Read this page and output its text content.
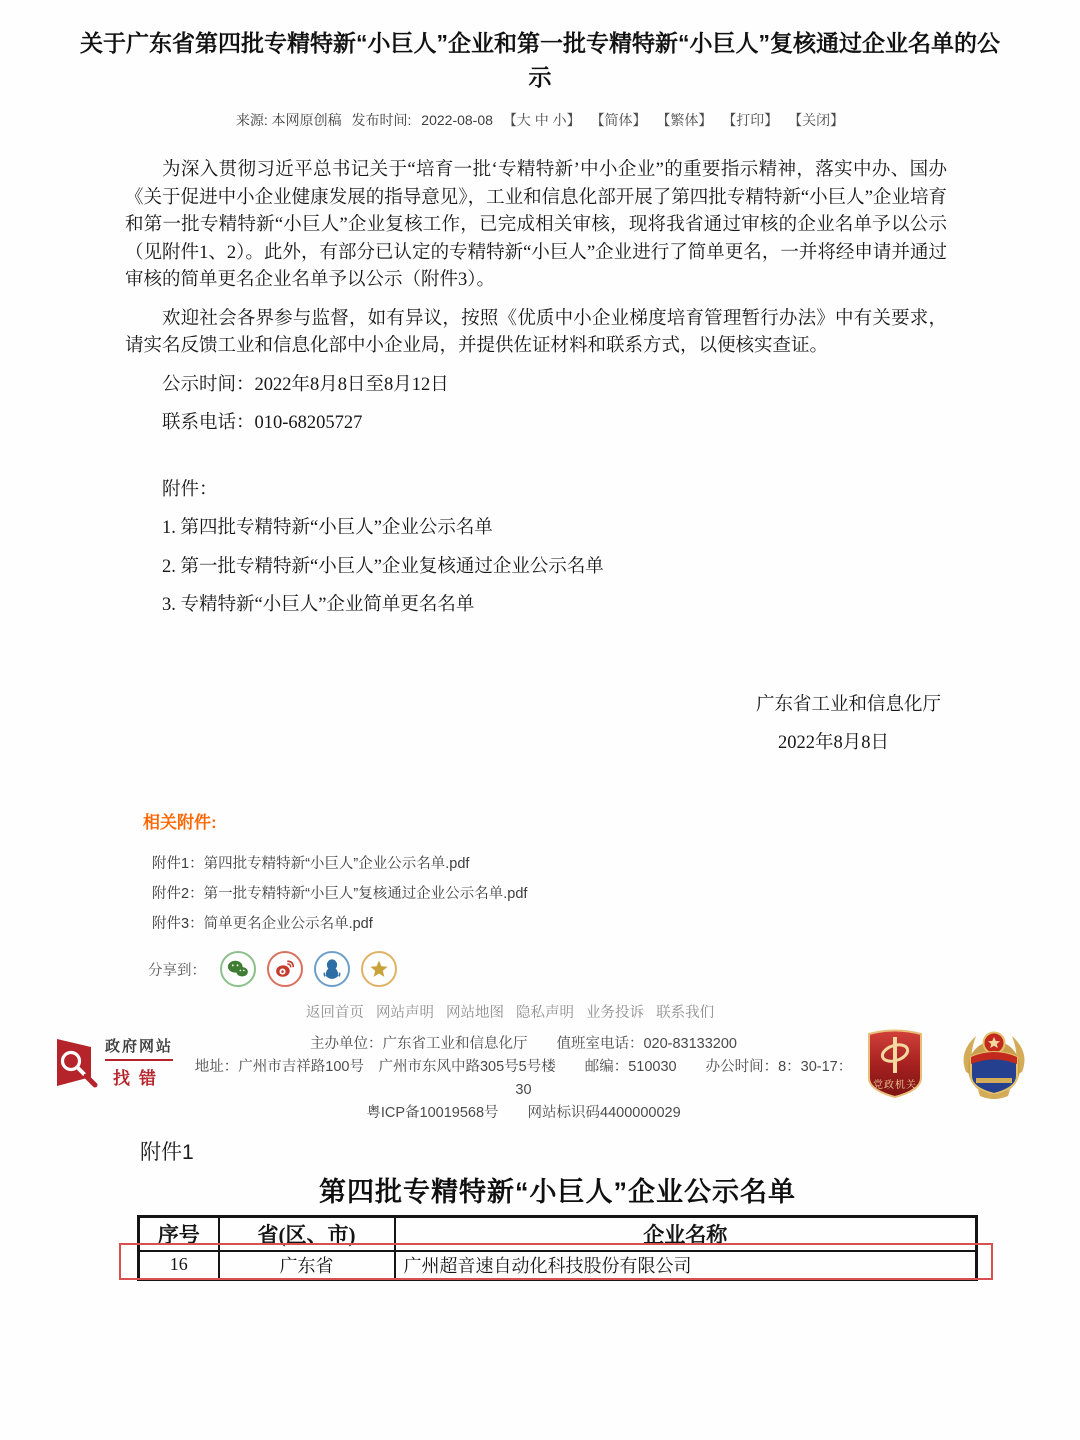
关于广东省第四批专精特新“小巨人”企业和第一批专精特新“小巨人”复核通过企业名单的公示
来源: 本网原创稿 发布时间: 2022-08-08 【大 中 小】 【简体】 【繁体】 【打印】 【关闭】

为深入贯彻习近平总书记关于“培育一批‘专精特新’中小企业”的重要指示精神，落实中办、国办《关于促进中小企业健康发展的指导意见》，工业和信息化部开展了第四批专精特新“小巨人”企业培育和第一批专精特新“小巨人”企业复核工作，已完成相关审核，现将我省通过审核的企业名单予以公示（见附件1、2）。此外，有部分已认定的专精特新“小巨人”企业进行了简单更名，一并将经申请并通过审核的简单更名企业名单予以公示（附件3）。

欢迎社会各界参与监督，如有异议，按照《优质中小企业梯度培育管理暂行办法》中有关要求，请实名反馈工业和信息化部中小企业局，并提供佐证材料和联系方式，以便核实查证。

公示时间：2022年8月8日至8月12日

联系电话：010-68205727

附件：

1. 第四批专精特新“小巨人”企业公示名单

2. 第一批专精特新“小巨人”企业复核通过企业公示名单

3. 专精特新“小巨人”企业简单更名名单

广东省工业和信息化厅

2022年8月8日

相关附件:
附件1：第四批专精特新“小巨人”企业公示名单.pdf
附件2：第一批专精特新“小巨人”复核通过企业公示名单.pdf
附件3：简单更名企业公示名单.pdf
分享到：
返回首页 网站声明 网站地图 隐私声明 业务投诉 联系我们
政府网站
找错
主办单位：广东省工业和信息化厅　　值班室电话：020-83133200
地址：广州市吉祥路100号　广州市东风中路305号5号楼　　邮编：510030　　办公时间：8：30-17：30
粤ICP备10019568号　　网站标识码4400000029
党政机关
附件1
第四批专精特新“小巨人”企业公示名单
序号	省(区、市)	企业名称
16	广东省	广州超音速自动化科技股份有限公司
